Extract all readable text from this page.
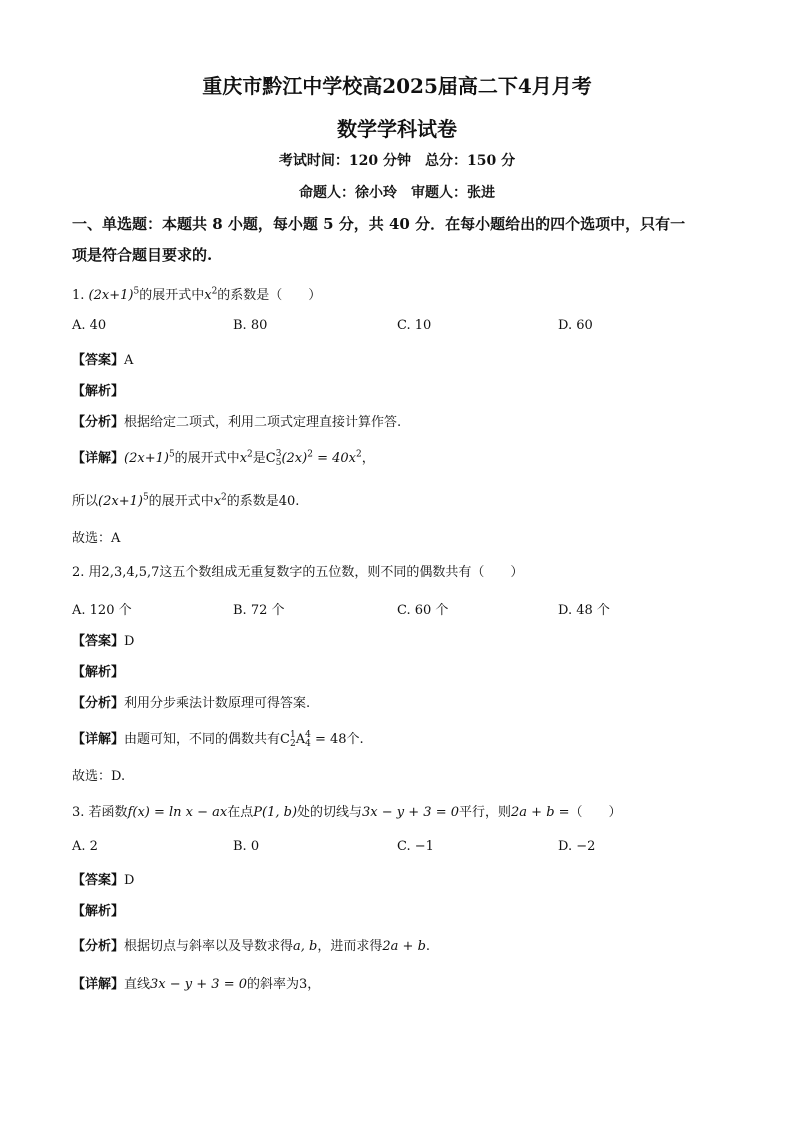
重庆市黔江中学校高2025届高二下4月月考
数学学科试卷
考试时间：120 分钟　总分：150 分
命题人：徐小玲　审题人：张进
一、单选题：本题共 8 小题，每小题 5 分，共 40 分．在每小题给出的四个选项中，只有一
项是符合题目要求的.
1. $(2x+1)^5$的展开式中$x^2$的系数是（　　）
A. 40	B. 80	C. 10	D. 60
【答案】A
【解析】
【分析】根据给定二项式，利用二项式定理直接计算作答.
【详解】$(2x+1)^5$的展开式中$x^2$是C 3
5 $(2x)^2 = 40x^2$，
所以$(2x+1)^5$的展开式中$x^2$的系数是40.
故选：A
2. 用2,3,4,5,7这五个数组成无重复数字的五位数，则不同的偶数共有（　　）
A. 120 个	B. 72 个	C. 60 个	D. 48 个
【答案】D
【解析】
【分析】利用分步乘法计数原理可得答案.
【详解】由题可知，不同的偶数共有C 1
2 A 4
4 = 48个.
故选：D.
3. 若函数f(x) = ln x − ax在点P(1, b)处的切线与3x − y + 3 = 0平行，则2a + b =（　　）
A. 2	B. 0	C. −1	D. −2
【答案】D
【解析】
【分析】根据切点与斜率以及导数求得a, b，进而求得2a + b.
【详解】直线3x − y + 3 = 0的斜率为3，
